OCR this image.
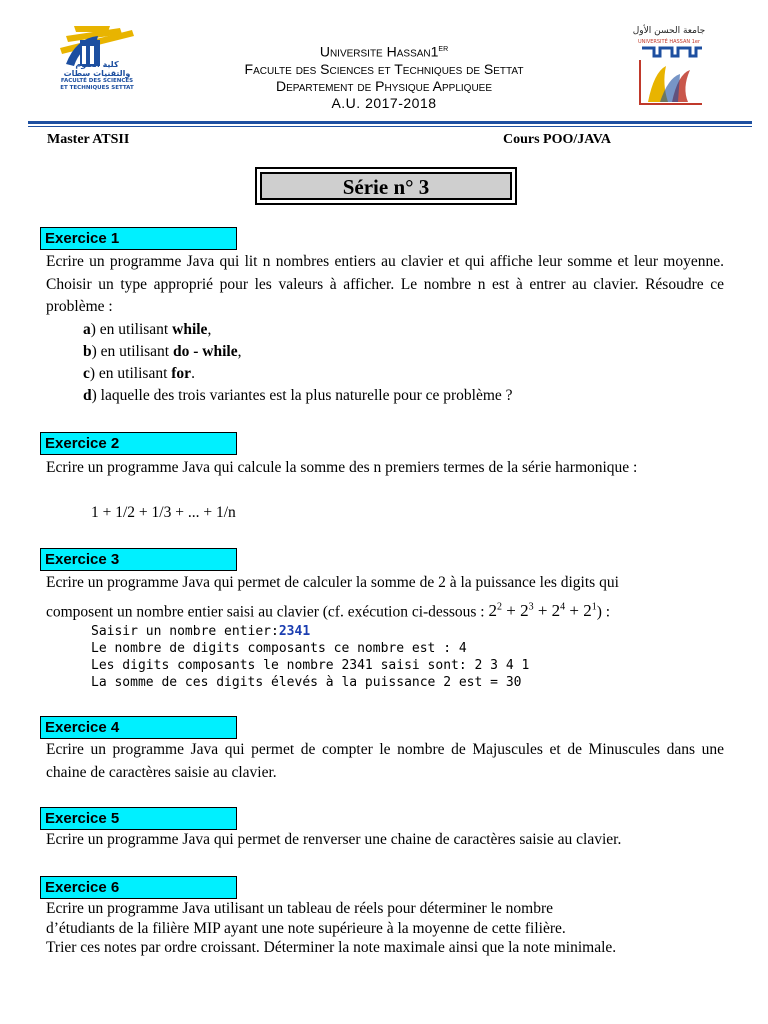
كلية العلوم
والتقنيات سطات
FACULTÉ DES SCIENCES
ET TECHNIQUES SETTAT
جامعة الحسن الأول
UNIVERSITÉ HASSAN 1er
Universite Hassan1er
Faculte des Sciences et Techniques de Settat
Departement de Physique Appliquee
A.U. 2017-2018
Master ATSII	Cours POO/JAVA
Série n° 3
Exercice 1
Ecrire un programme Java qui lit n nombres entiers au clavier et qui affiche leur somme et leur moyenne. Choisir un type approprié pour les valeurs à afficher. Le nombre n est à entrer au clavier. Résoudre ce problème :
a) en utilisant while,
b) en utilisant do - while,
c) en utilisant for.
d) laquelle des trois variantes est la plus naturelle pour ce problème ?
Exercice 2
Ecrire un programme Java qui calcule la somme des n premiers termes de la série harmonique :
1 + 1/2 + 1/3 + ... + 1/n
Exercice 3
Ecrire un programme Java qui permet de calculer la somme de 2 à la puissance les digits qui
composent un nombre entier saisi au clavier (cf. exécution ci-dessous : $2^2 + 2^3 + 2^4 + 2^1$) :
Saisir un nombre entier:2341
Le nombre de digits composants ce nombre est : 4
Les digits composants le nombre 2341 saisi sont: 2 3 4 1
La somme de ces digits élevés à la puissance 2 est = 30
Exercice 4
Ecrire un programme Java qui permet de compter le nombre de Majuscules et de Minuscules dans une chaine de caractères saisie au clavier.
Exercice 5
Ecrire un programme Java qui permet de renverser une chaine de caractères saisie au clavier.
Exercice 6
Ecrire un programme Java utilisant un tableau de réels pour déterminer le nombre
d’étudiants de la filière MIP ayant une note supérieure à la moyenne de cette filière.
Trier ces notes par ordre croissant. Déterminer la note maximale ainsi que la note minimale.
